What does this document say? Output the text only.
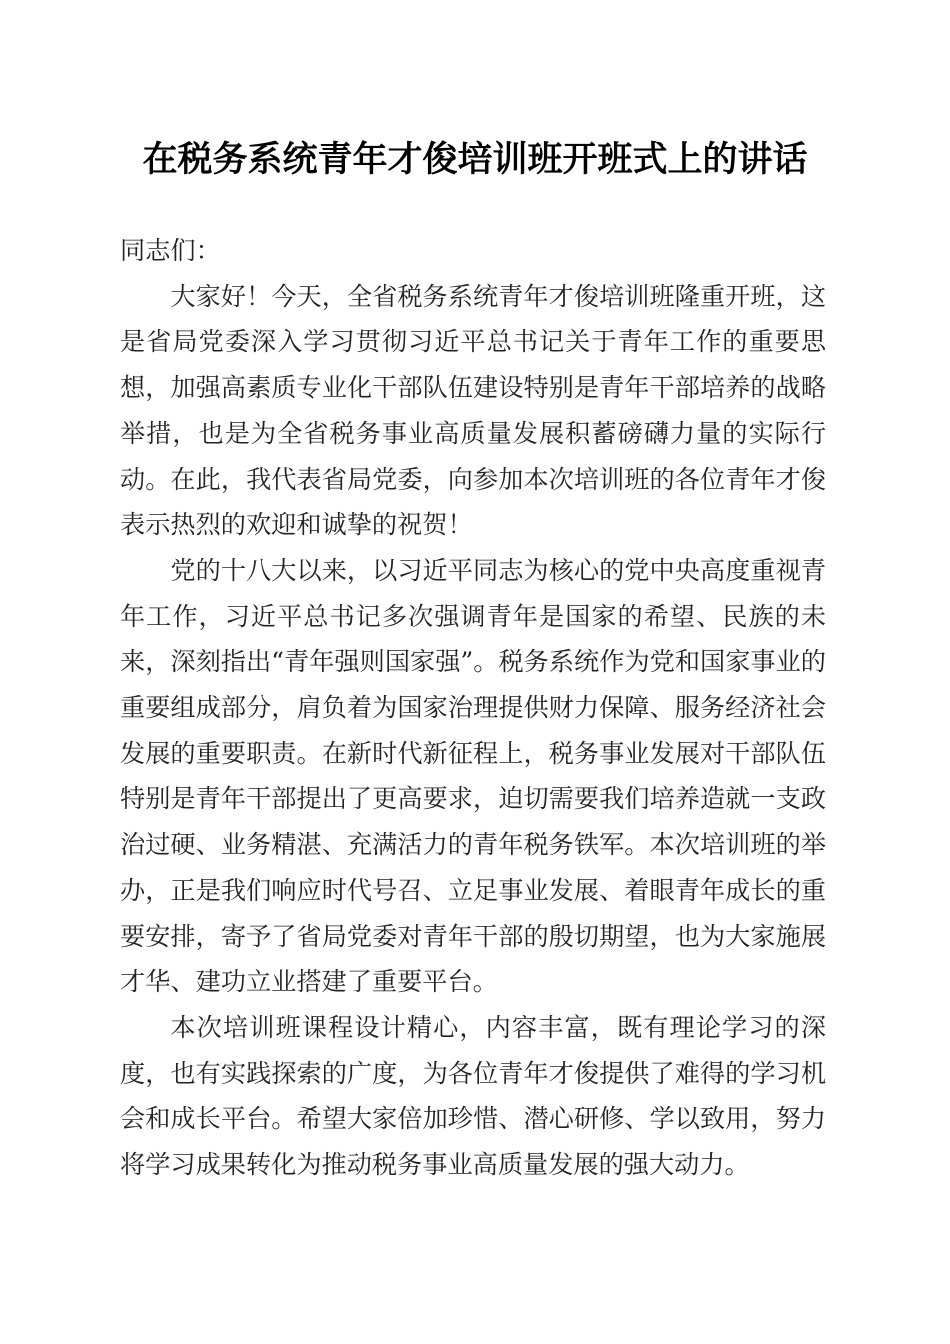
在税务系统青年才俊培训班开班式上的讲话

同志们：

大家好！今天，全省税务系统青年才俊培训班隆重开班，这是省局党委深入学习贯彻习近平总书记关于青年工作的重要思想，加强高素质专业化干部队伍建设特别是青年干部培养的战略举措，也是为全省税务事业高质量发展积蓄磅礴力量的实际行动。在此，我代表省局党委，向参加本次培训班的各位青年才俊表示热烈的欢迎和诚挚的祝贺！

党的十八大以来，以习近平同志为核心的党中央高度重视青年工作，习近平总书记多次强调青年是国家的希望、民族的未来，深刻指出“青年强则国家强”。税务系统作为党和国家事业的重要组成部分，肩负着为国家治理提供财力保障、服务经济社会发展的重要职责。在新时代新征程上，税务事业发展对干部队伍特别是青年干部提出了更高要求，迫切需要我们培养造就一支政治过硬、业务精湛、充满活力的青年税务铁军。本次培训班的举办，正是我们响应时代号召、立足事业发展、着眼青年成长的重要安排，寄予了省局党委对青年干部的殷切期望，也为大家施展才华、建功立业搭建了重要平台。

本次培训班课程设计精心，内容丰富，既有理论学习的深度，也有实践探索的广度，为各位青年才俊提供了难得的学习机会和成长平台。希望大家倍加珍惜、潜心研修、学以致用，努力将学习成果转化为推动税务事业高质量发展的强大动力。
